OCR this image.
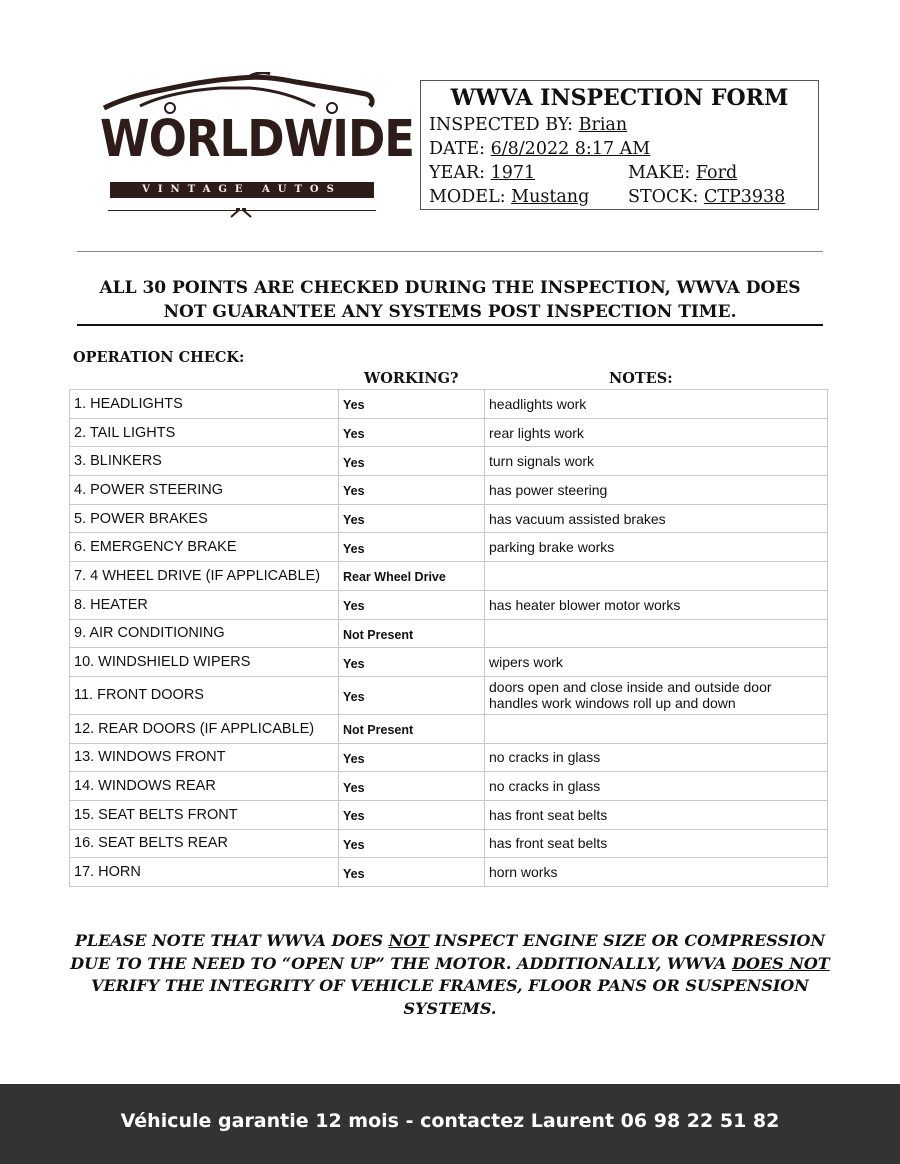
WORLDWIDE
VINTAGE AUTOS
WWVA INSPECTION FORM
INSPECTED BY: Brian
DATE: 6/8/2022 8:17 AM
YEAR: 1971	MAKE: Ford
MODEL: Mustang STOCK: CTP3938
ALL 30 POINTS ARE CHECKED DURING THE INSPECTION, WWVA DOES NOT GUARANTEE ANY SYSTEMS POST INSPECTION TIME.
OPERATION CHECK:
WORKING?	NOTES:
1. HEADLIGHTS	Yes	headlights work
2. TAIL LIGHTS	Yes	rear lights work
3. BLINKERS	Yes	turn signals work
4. POWER STEERING	Yes	has power steering
5. POWER BRAKES	Yes	has vacuum assisted brakes
6. EMERGENCY BRAKE	Yes	parking brake works
7. 4 WHEEL DRIVE (IF APPLICABLE)	Rear Wheel Drive	
8. HEATER	Yes	has heater blower motor works
9. AIR CONDITIONING	Not Present	
10. WINDSHIELD WIPERS	Yes	wipers work
11. FRONT DOORS	Yes	doors open and close inside and outside door handles work windows roll up and down
12. REAR DOORS (IF APPLICABLE)	Not Present	
13. WINDOWS FRONT	Yes	no cracks in glass
14. WINDOWS REAR	Yes	no cracks in glass
15. SEAT BELTS FRONT	Yes	has front seat belts
16. SEAT BELTS REAR	Yes	has front seat belts
17. HORN	Yes	horn works
PLEASE NOTE THAT WWVA DOES NOT INSPECT ENGINE SIZE OR COMPRESSION DUE TO THE NEED TO “OPEN UP” THE MOTOR. ADDITIONALLY, WWVA DOES NOT VERIFY THE INTEGRITY OF VEHICLE FRAMES, FLOOR PANS OR SUSPENSION SYSTEMS.
Véhicule garantie 12 mois - contactez Laurent 06 98 22 51 82
